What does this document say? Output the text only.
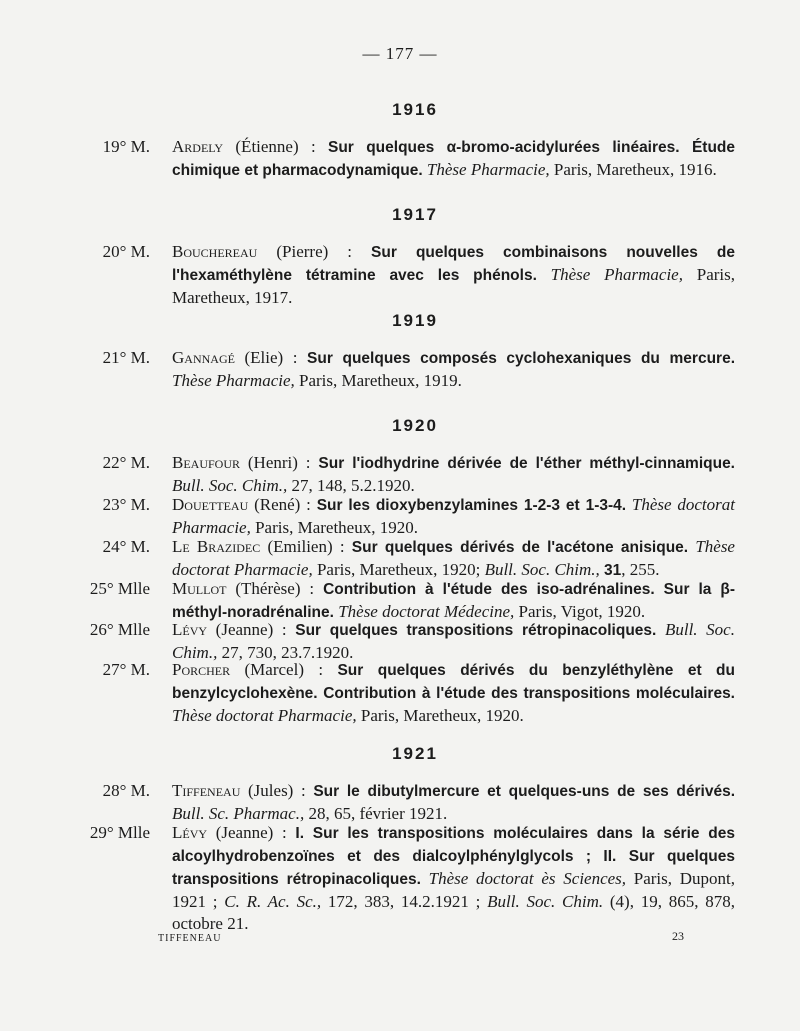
— 177 —
1916
19° M. Ardely (Étienne) : Sur quelques α-bromo-acidylurées linéaires. Étude chimique et pharmacodynamique. Thèse Pharmacie, Paris, Maretheux, 1916.
1917
20° M. Bouchereau (Pierre) : Sur quelques combinaisons nouvelles de l'hexaméthylène tétramine avec les phénols. Thèse Pharmacie, Paris, Maretheux, 1917.
1919
21° M. Gannagé (Elie) : Sur quelques composés cyclohexaniques du mercure. Thèse Pharmacie, Paris, Maretheux, 1919.
1920
22° M. Beaufour (Henri) : Sur l'iodhydrine dérivée de l'éther méthyl-cinnamique. Bull. Soc. Chim., 27, 148, 5.2.1920.
23° M. Douetteau (René) : Sur les dioxybenzylamines 1-2-3 et 1-3-4. Thèse doctorat Pharmacie, Paris, Maretheux, 1920.
24° M. Le Brazidec (Emilien) : Sur quelques dérivés de l'acétone anisique. Thèse doctorat Pharmacie, Paris, Maretheux, 1920; Bull. Soc. Chim., 31, 255.
25° Mlle Mullot (Thérèse) : Contribution à l'étude des iso-adrénalines. Sur la β-méthyl-noradrénaline. Thèse doctorat Médecine, Paris, Vigot, 1920.
26° Mlle Lévy (Jeanne) : Sur quelques transpositions rétropinacoliques. Bull. Soc. Chim., 27, 730, 23.7.1920.
27° M. Porcher (Marcel) : Sur quelques dérivés du benzyléthylène et du benzylcyclohexène. Contribution à l'étude des transpositions moléculaires. Thèse doctorat Pharmacie, Paris, Maretheux, 1920.
1921
28° M. Tiffeneau (Jules) : Sur le dibutylmercure et quelques-uns de ses dérivés. Bull. Sc. Pharmac., 28, 65, février 1921.
29° Mlle Lévy (Jeanne) : I. Sur les transpositions moléculaires dans la série des alcoylhydrobenzoïnes et des dialcoylphénylglycols ; II. Sur quelques transpositions rétropinacoliques. Thèse doctorat ès Sciences, Paris, Dupont, 1921 ; C. R. Ac. Sc., 172, 383, 14.2.1921 ; Bull. Soc. Chim. (4), 19, 865, 878, octobre 21.
TIFFENEAU	23
